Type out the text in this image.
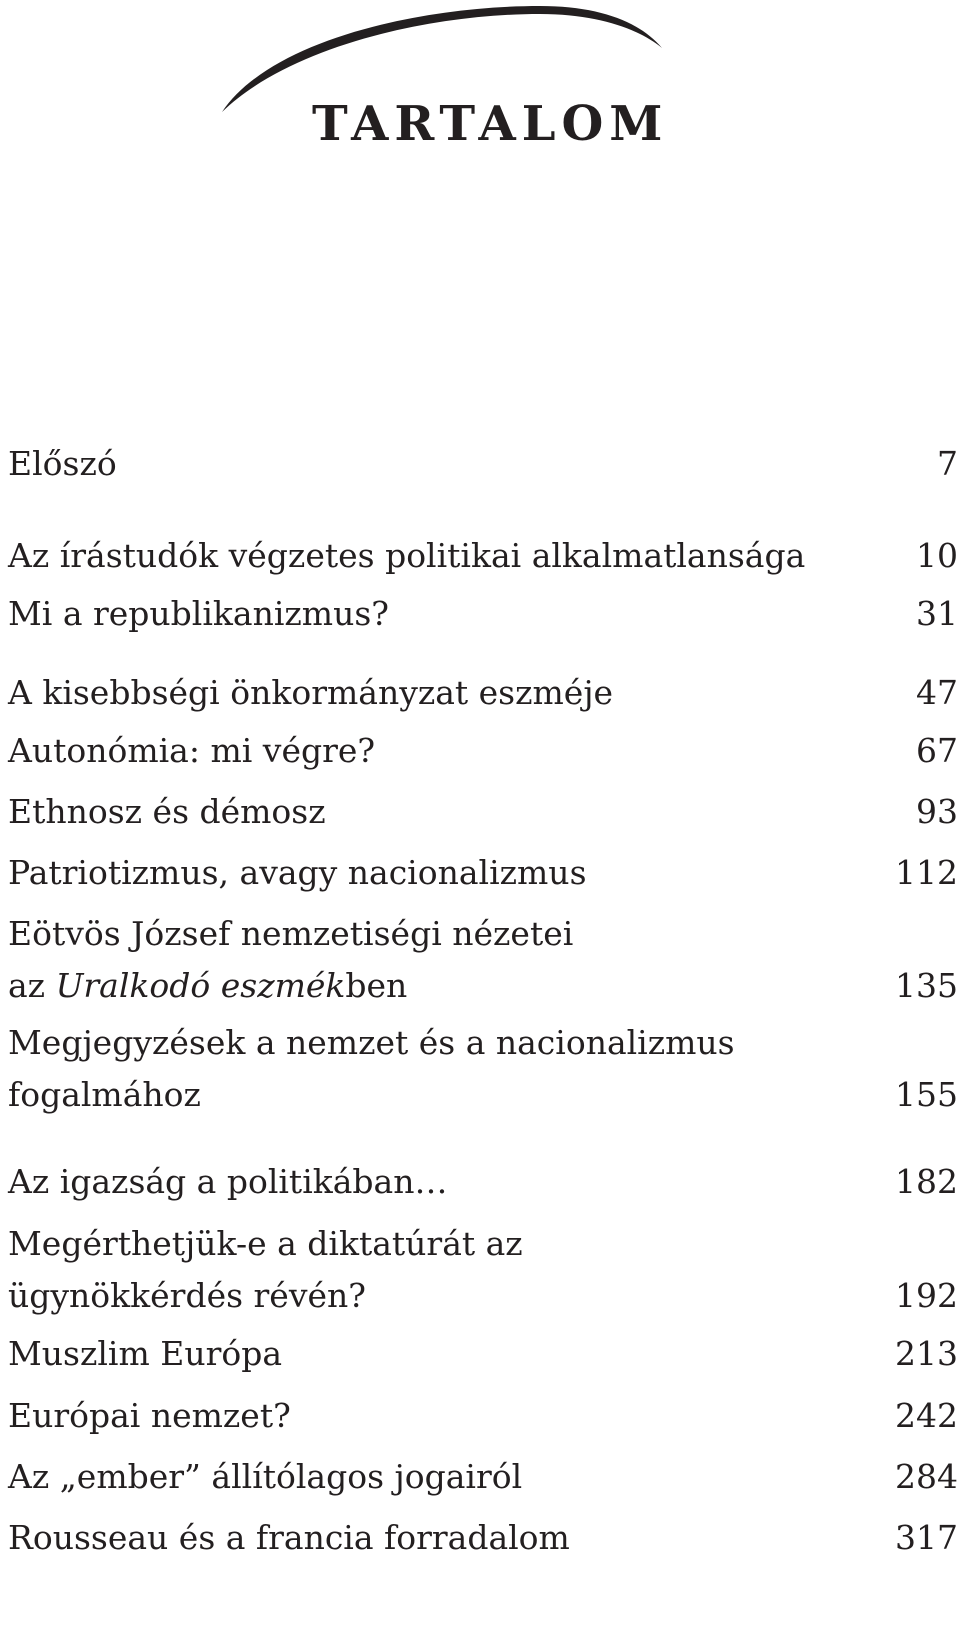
TARTALOM
Előszó	7
Az írástudók végzetes politikai alkalmatlansága	10
Mi a republikanizmus?	31
A kisebbségi önkormányzat eszméje	47
Autonómia: mi végre?	67
Ethnosz és démosz	93
Patriotizmus, avagy nacionalizmus	112
Eötvös József nemzetiségi nézetei
az Uralkodó eszmékben	135
Megjegyzések a nemzet és a nacionalizmus
fogalmához	155
Az igazság a politikában…	182
Megérthetjük-e a diktatúrát az
ügynökkérdés révén?	192
Muszlim Európa	213
Európai nemzet?	242
Az „ember” állítólagos jogairól	284
Rousseau és a francia forradalom	317
